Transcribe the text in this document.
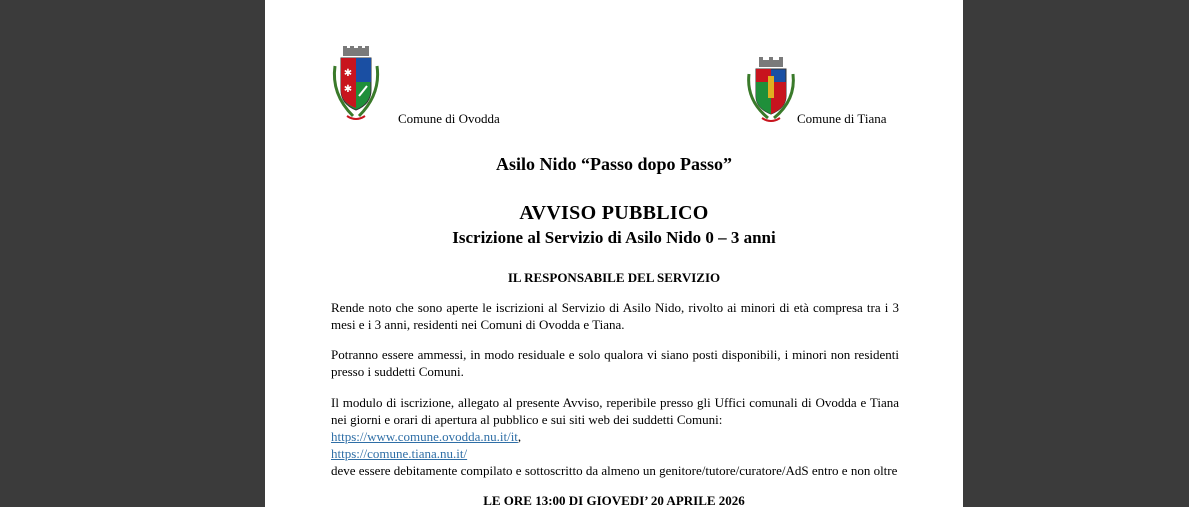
✱
✱
Comune di Ovodda	Comune di Tiana
Asilo Nido “Passo dopo Passo”
AVVISO PUBBLICO
Iscrizione al Servizio di Asilo Nido 0 – 3 anni
IL RESPONSABILE DEL SERVIZIO
Rende noto che sono aperte le iscrizioni al Servizio di Asilo Nido, rivolto ai minori di età compresa tra i 3 mesi e i 3 anni, residenti nei Comuni di Ovodda e Tiana.
Potranno essere ammessi, in modo residuale e solo qualora vi siano posti disponibili, i minori non residenti presso i suddetti Comuni.
Il modulo di iscrizione, allegato al presente Avviso, reperibile presso gli Uffici comunali di Ovodda e Tiana nei giorni e orari di apertura al pubblico e sui siti web dei suddetti Comuni:
https://www.comune.ovodda.nu.it/it,
https://comune.tiana.nu.it/
deve essere debitamente compilato e sottoscritto da almeno un genitore/tutore/curatore/AdS entro e non oltre
LE ORE 13:00 DI GIOVEDI’ 20 APRILE 2026
